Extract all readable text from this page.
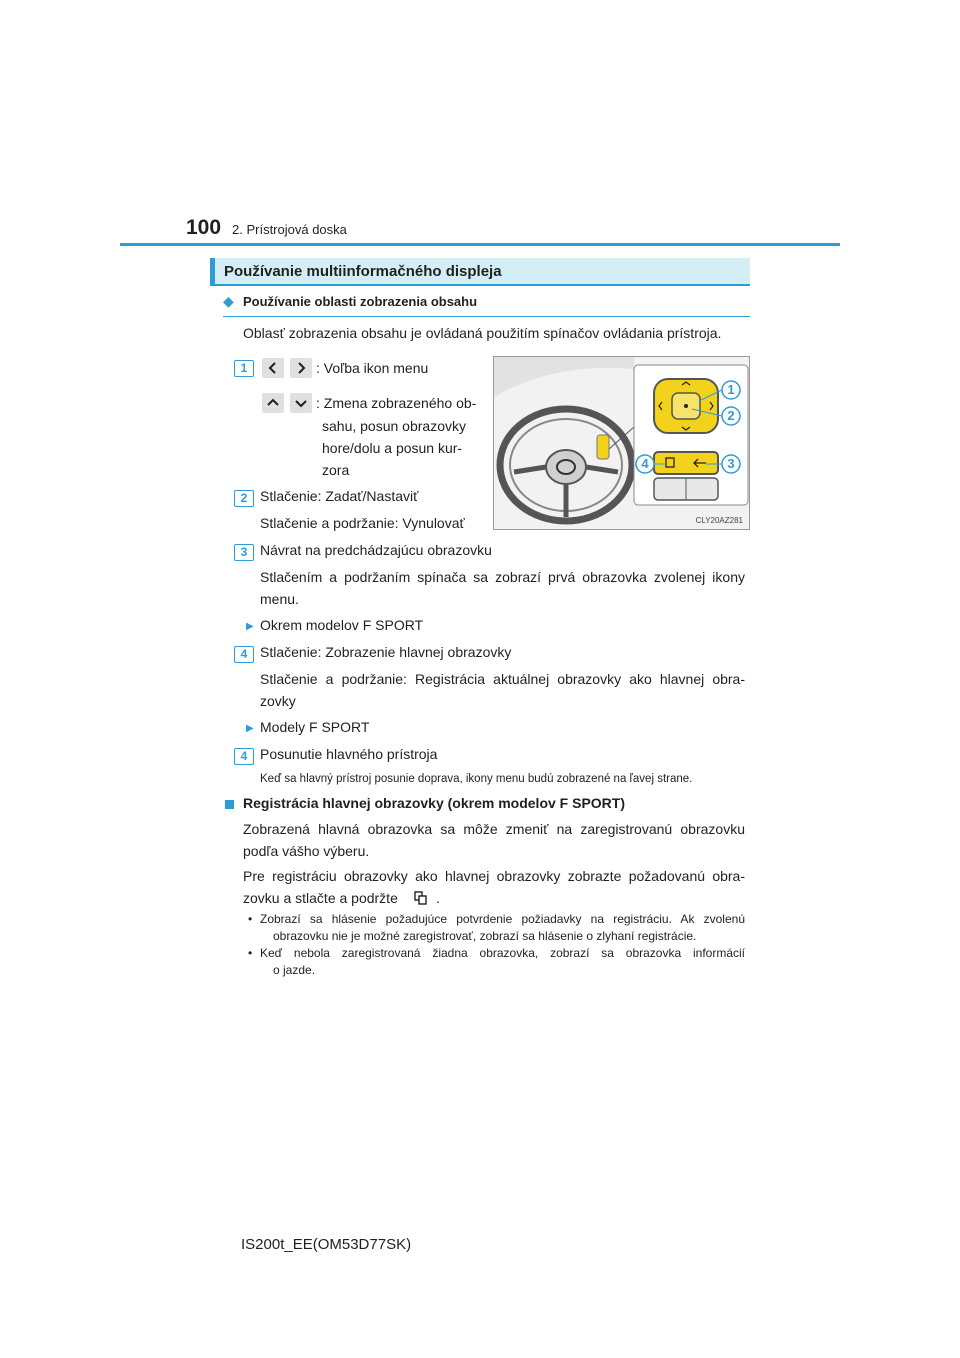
100 2. Prístrojová doska
Používanie multiinformačného displeja
◆ Používanie oblasti zobrazenia obsahu
Oblasť zobrazenia obsahu je ovládaná použitím spínačov ovládania prístroja.
1	: Voľba ikon menu
: Zmena zobrazeného ob-
sahu, posun obrazovky
hore/dolu a posun kur-
zora
2 Stlačenie: Zadať/Nastaviť
Stlačenie a podržanie: Vynulovať
1
2
3
4
CLY20AZ281
3 Návrat na predchádzajúcu obrazovku
Stlačením a podržaním spínača sa zobrazí prvá obrazovka zvolenej ikony
menu.
▶ Okrem modelov F SPORT
4 Stlačenie: Zobrazenie hlavnej obrazovky
Stlačenie a podržanie: Registrácia aktuálnej obrazovky ako hlavnej obra-
zovky
▶ Modely F SPORT
4 Posunutie hlavného prístroja
Keď sa hlavný prístroj posunie doprava, ikony menu budú zobrazené na ľavej strane.
Registrácia hlavnej obrazovky (okrem modelov F SPORT)
Zobrazená hlavná obrazovka sa môže zmeniť na zaregistrovanú obrazovku
podľa vášho výberu.
Pre registráciu obrazovky ako hlavnej obrazovky zobrazte požadovanú obra-
zovku a stlačte a podržte	.
• Zobrazí sa hlásenie požadujúce potvrdenie požiadavky na registráciu. Ak zvolenú
obrazovku nie je možné zaregistrovať, zobrazí sa hlásenie o zlyhaní registrácie.
• Keď nebola zaregistrovaná žiadna obrazovka, zobrazí sa obrazovka informácií
o jazde.
IS200t_EE(OM53D77SK)
